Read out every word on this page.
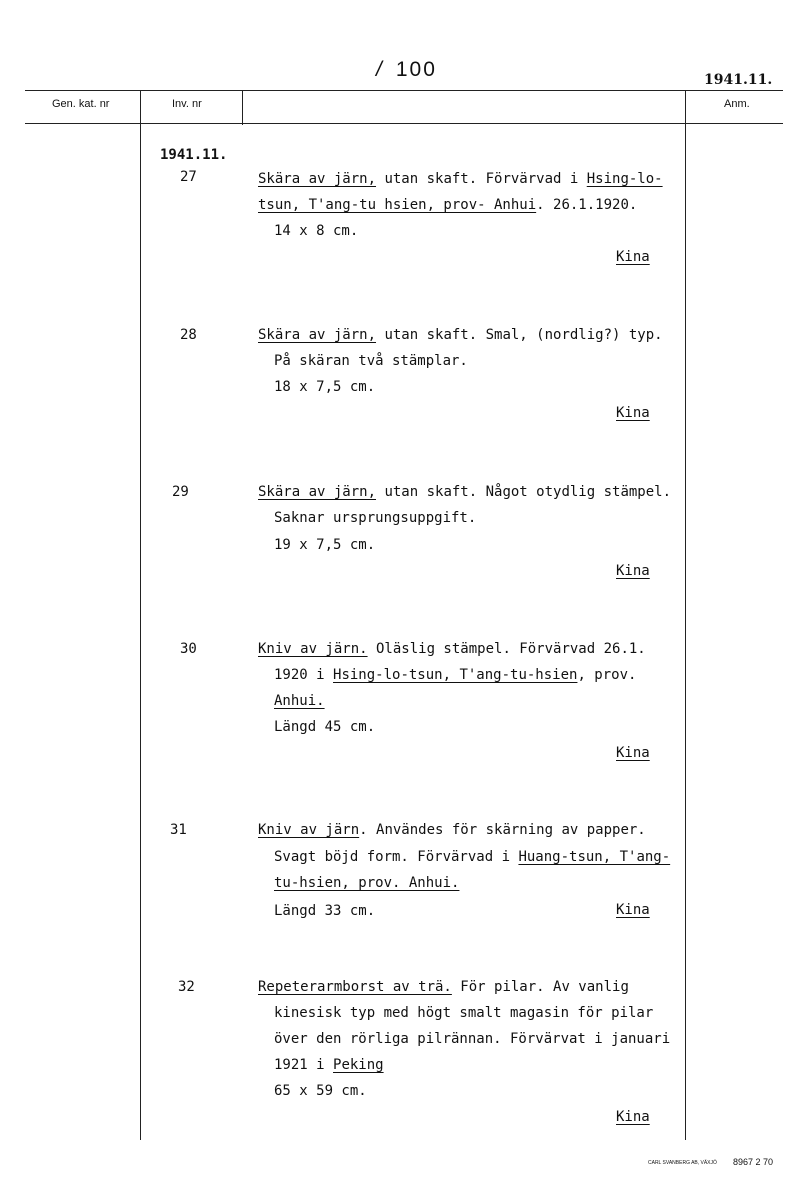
/ 100	1941.11.
Gen. kat. nr	Inv. nr	Anm.
1941.11.
27	Skära av järn, utan skaft. Förvärvad i Hsing-lo-
tsun, T'ang-tu hsien, prov- Anhui. 26.1.1920.
14 x 8 cm.
Kina
28	Skära av järn, utan skaft. Smal, (nordlig?) typ.
På skäran två stämplar.
18 x 7,5 cm.
Kina
29	Skära av järn, utan skaft. Något otydlig stämpel.
Saknar ursprungsuppgift.
19 x 7,5 cm.
Kina
30	Kniv av järn. Oläslig stämpel. Förvärvad 26.1.
1920 i Hsing-lo-tsun, T'ang-tu-hsien, prov.
Anhui.
Längd 45 cm.
Kina
31	Kniv av järn. Användes för skärning av papper.
Svagt böjd form. Förvärvad i Huang-tsun, T'ang-
tu-hsien, prov. Anhui.
Längd 33 cm.	Kina
32	Repeterarmborst av trä. För pilar. Av vanlig
kinesisk typ med högt smalt magasin för pilar
över den rörliga pilrännan. Förvärvat i januari
1921 i Peking
65 x 59 cm.
Kina
CARL SVANBERG AB, VÄXJÖ 8967 2 70
